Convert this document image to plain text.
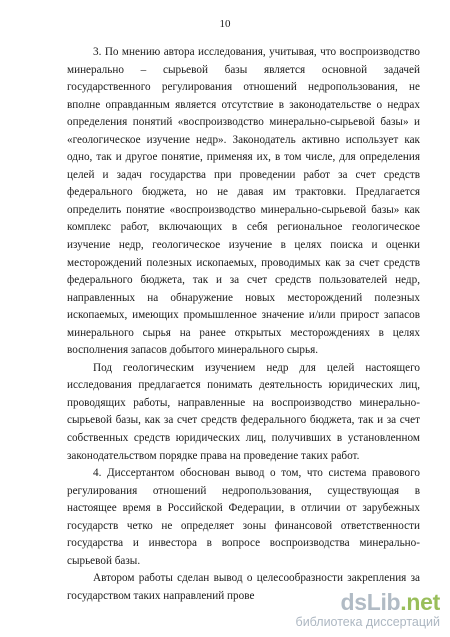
10

3. По мнению автора исследования, учитывая, что воспроизводство минерально – сырьевой базы является основной задачей государственного регулирования отношений недропользования, не вполне оправданным является отсутствие в законодательстве о недрах определения понятий «воспроизводство минерально-сырьевой базы» и «геологическое изучение недр». Законодатель активно использует как одно, так и другое понятие, применяя их, в том числе, для определения целей и задач государства при проведении работ за счет средств федерального бюджета, но не давая им трактовки. Предлагается определить понятие «воспроизводство минерально-сырьевой базы» как комплекс работ, включающих в себя региональное геологическое изучение недр, геологическое изучение в целях поиска и оценки месторождений полезных ископаемых, проводимых как за счет средств федерального бюджета, так и за счет средств пользователей недр, направленных на обнаружение новых месторождений полезных ископаемых, имеющих промышленное значение и/или прирост запасов минерального сырья на ранее открытых месторождениях в целях восполнения запасов добытого минерального сырья.

Под геологическим изучением недр для целей настоящего исследования предлагается понимать деятельность юридических лиц, проводящих работы, направленные на воспроизводство минерально-сырьевой базы, как за счет средств федерального бюджета, так и за счет собственных средств юридических лиц, получивших в установленном законодательством порядке права на проведение таких работ.

4. Диссертантом обоснован вывод о том, что система правового регулирования отношений недропользования, существующая в настоящее время в Российской Федерации, в отличии от зарубежных государств четко не определяет зоны финансовой ответственности государства и инвестора в вопросе воспроизводства минерально-сырьевой базы.

Автором работы сделан вывод о целесообразности закрепления за государством таких направлений прове	dsLib.net
библиотека диссертаций
